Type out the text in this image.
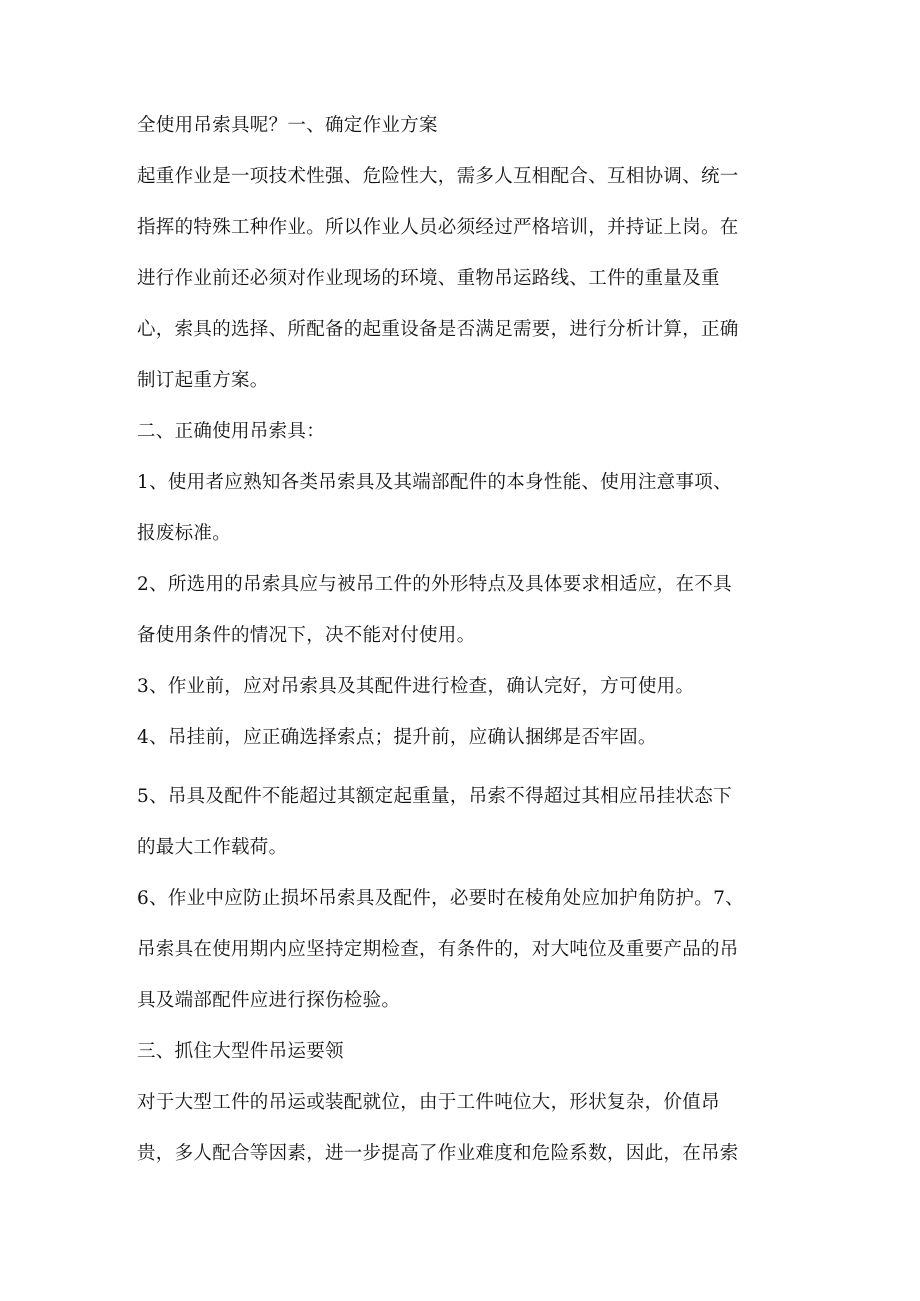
全使用吊索具呢？一、确定作业方案

起重作业是一项技术性强、危险性大，需多人互相配合、互相协调、统一

指挥的特殊工种作业。所以作业人员必须经过严格培训，并持证上岗。在

进行作业前还必须对作业现场的环境、重物吊运路线、工件的重量及重

心，索具的选择、所配备的起重设备是否满足需要，进行分析计算，正确

制订起重方案。

二、正确使用吊索具：

1、使用者应熟知各类吊索具及其端部配件的本身性能、使用注意事项、

报废标准。

2、所选用的吊索具应与被吊工件的外形特点及具体要求相适应，在不具

备使用条件的情况下，决不能对付使用。

3、作业前，应对吊索具及其配件进行检查，确认完好，方可使用。

4、吊挂前，应正确选择索点；提升前，应确认捆绑是否牢固。

5、吊具及配件不能超过其额定起重量，吊索不得超过其相应吊挂状态下

的最大工作载荷。

6、作业中应防止损坏吊索具及配件，必要时在棱角处应加护角防护。7、

吊索具在使用期内应坚持定期检查，有条件的，对大吨位及重要产品的吊

具及端部配件应进行探伤检验。

三、抓住大型件吊运要领

对于大型工件的吊运或装配就位，由于工件吨位大，形状复杂，价值昂

贵，多人配合等因素，进一步提高了作业难度和危险系数，因此，在吊索
